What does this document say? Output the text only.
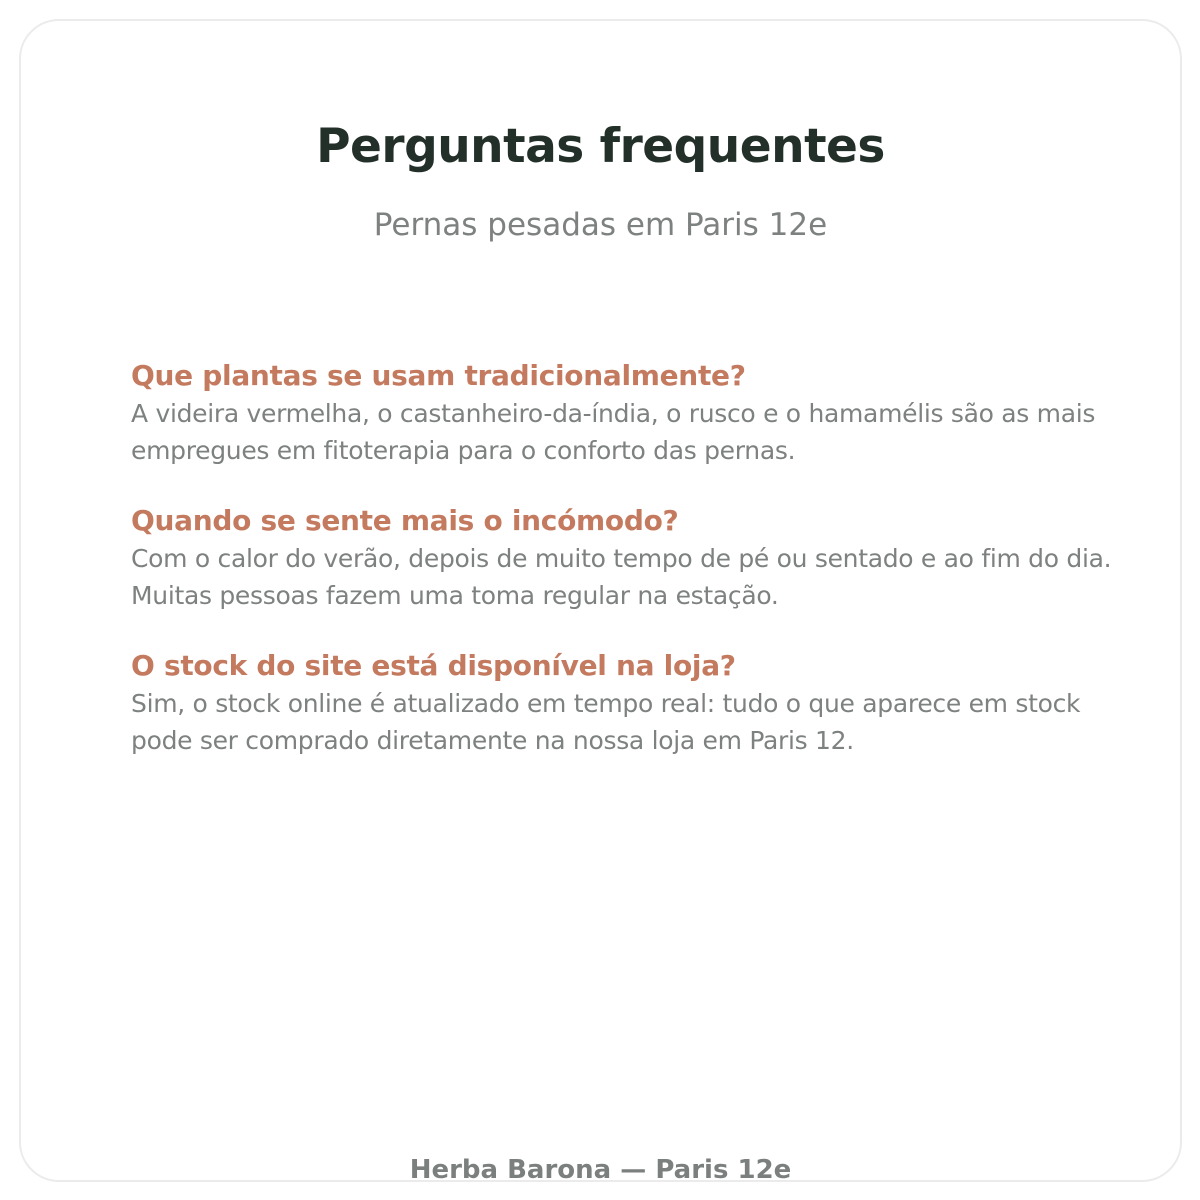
Perguntas frequentes

Pernas pesadas em Paris 12e

Que plantas se usam tradicionalmente?

A videira vermelha, o castanheiro-da-índia, o rusco e o hamamélis são as mais empregues em fitoterapia para o conforto das pernas.

Quando se sente mais o incómodo?

Com o calor do verão, depois de muito tempo de pé ou sentado e ao fim do dia. Muitas pessoas fazem uma toma regular na estação.

O stock do site está disponível na loja?

Sim, o stock online é atualizado em tempo real: tudo o que aparece em stock pode ser comprado diretamente na nossa loja em Paris 12.

Herba Barona — Paris 12e
